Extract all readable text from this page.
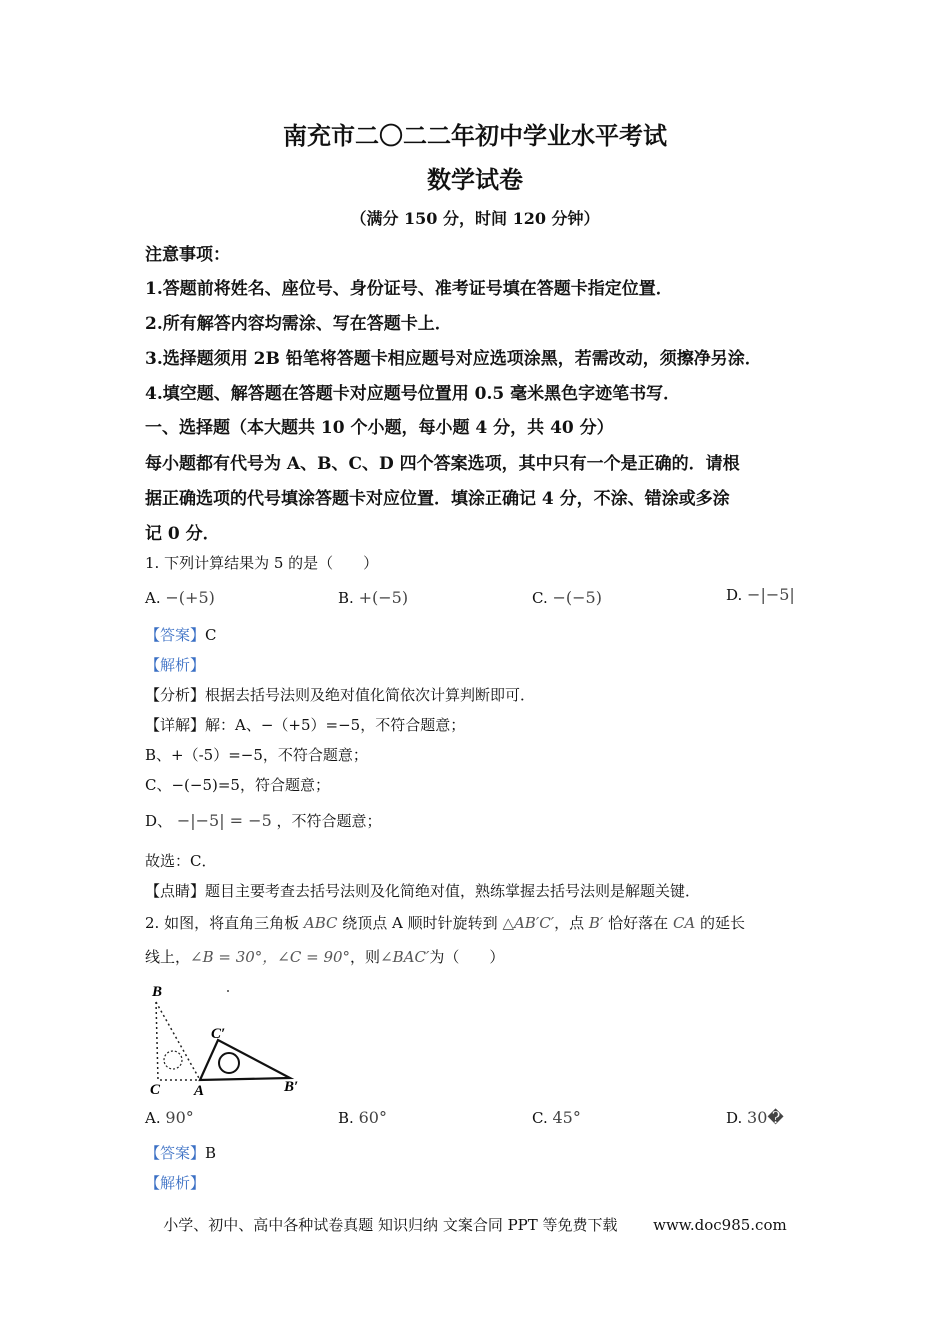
南充市二〇二二年初中学业水平考试
数学试卷
（满分 150 分，时间 120 分钟）
注意事项：
1.答题前将姓名、座位号、身份证号、准考证号填在答题卡指定位置．
2.所有解答内容均需涂、写在答题卡上．
3.选择题须用 2B 铅笔将答题卡相应题号对应选项涂黑，若需改动，须擦净另涂．
4.填空题、解答题在答题卡对应题号位置用 0.5 毫米黑色字迹笔书写．
一、选择题（本大题共 10 个小题，每小题 4 分，共 40 分）
每小题都有代号为 A、B、C、D 四个答案选项，其中只有一个是正确的．请根
据正确选项的代号填涂答题卡对应位置．填涂正确记 4 分，不涂、错涂或多涂
记 0 分．
1. 下列计算结果为 5 的是（　　）
A. −(+5)	B. +(−5)	C. −(−5)	D. −|−5|
【答案】C
【解析】
【分析】根据去括号法则及绝对值化简依次计算判断即可．
【详解】解：A、−（+5）=−5，不符合题意；
B、+（-5）=−5，不符合题意；
C、−(−5)=5，符合题意；
D、 −|−5| = −5 ，不符合题意；
故选：C．
【点睛】题目主要考查去括号法则及化简绝对值，熟练掌握去括号法则是解题关键．
2. 如图，将直角三角板 ABC 绕顶点 A 顺时针旋转到 △AB′C′，点 B′ 恰好落在 CA 的延长
线上，∠B = 30°，∠C = 90°，则∠BAC′为（　　）
B
C A
C′
B′
A. 90°	B. 60°	C. 45°	D. 30�
【答案】B
【解析】
小学、初中、高中各种试卷真题 知识归纳 文案合同 PPT 等免费下载 www.doc985.com
